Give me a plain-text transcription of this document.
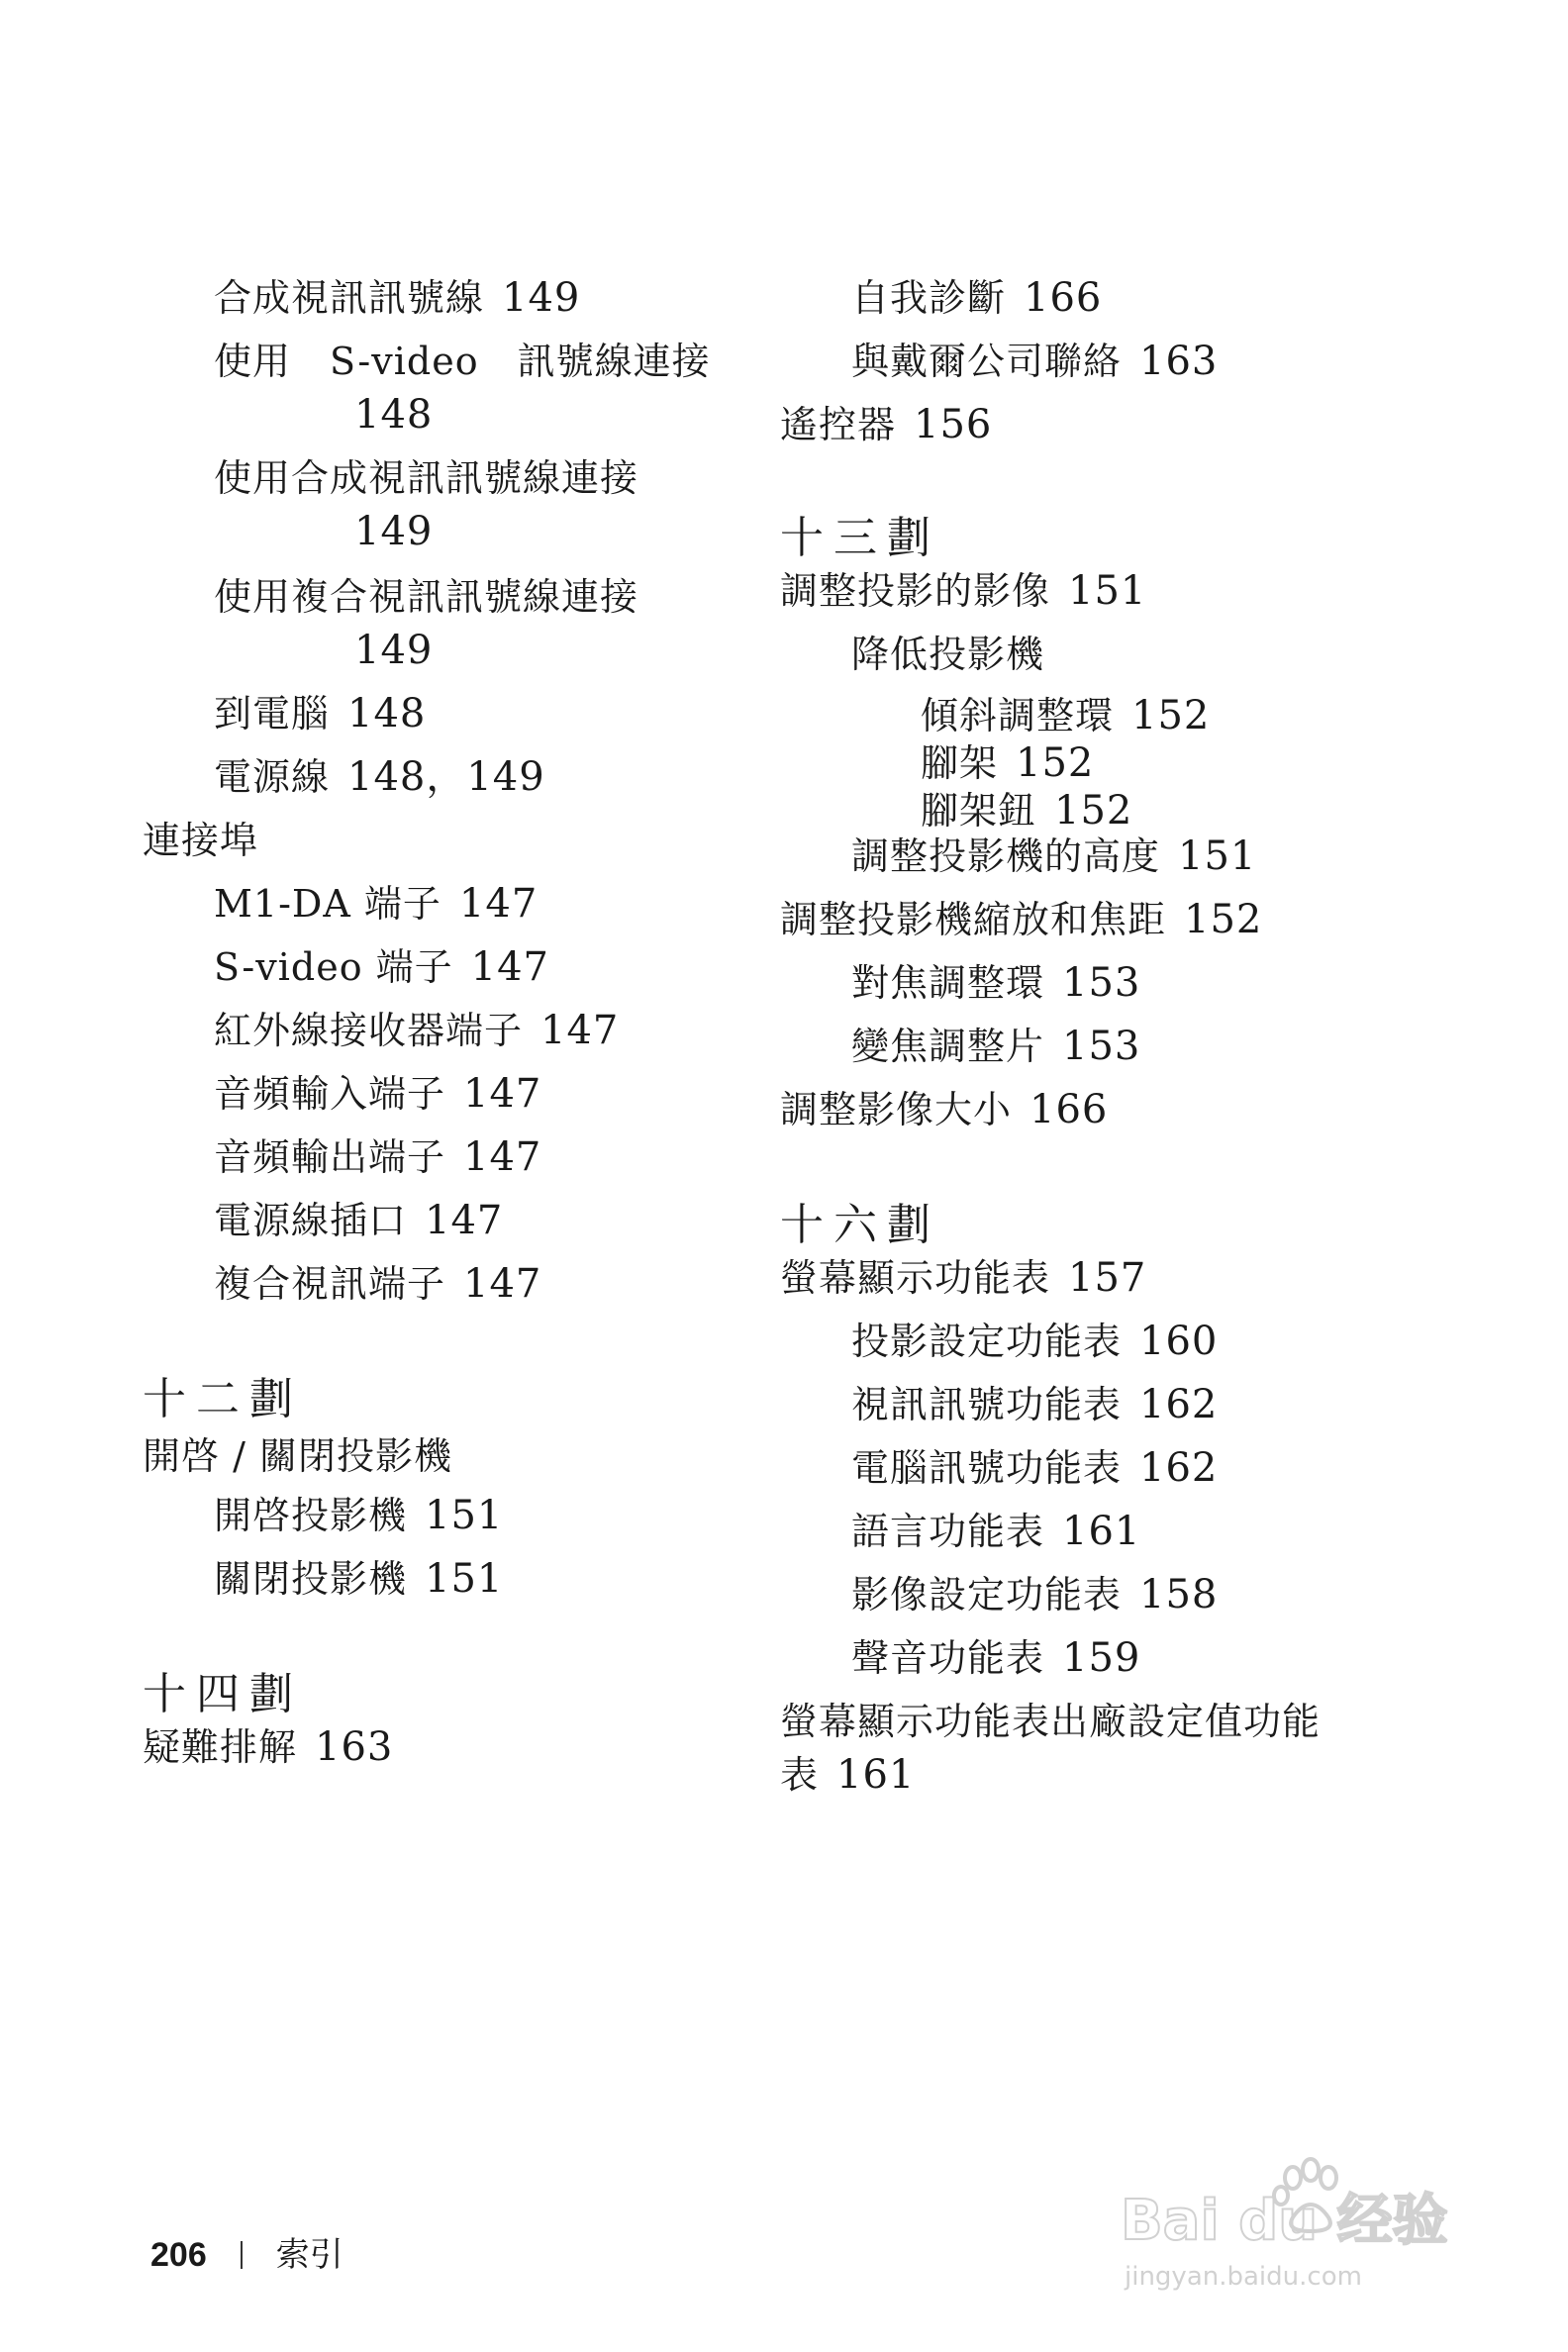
合成視訊訊號線 149
使用　S-video　訊號線連接
148
使用合成視訊訊號線連接
149
使用複合視訊訊號線連接
149
到電腦 148
電源線 148，149
連接埠
M1-DA 端子 147
S-video 端子 147
紅外線接收器端子 147
音頻輸入端子 147
音頻輸出端子 147
電源線插口 147
複合視訊端子 147
十二劃
開啓 / 關閉投影機
開啓投影機 151
關閉投影機 151
十四劃
疑難排解 163
自我診斷 166
與戴爾公司聯絡 163
遙控器 156
十三劃
調整投影的影像 151
降低投影機
傾斜調整環 152
腳架 152
腳架鈕 152
調整投影機的高度 151
調整投影機縮放和焦距 152
對焦調整環 153
變焦調整片 153
調整影像大小 166
十六劃
螢幕顯示功能表 157
投影設定功能表 160
視訊訊號功能表 162
電腦訊號功能表 162
語言功能表 161
影像設定功能表 158
聲音功能表 159
螢幕顯示功能表出廠設定值功能
表 161
206 索引
Bai du 经验
jingyan.baidu.com
